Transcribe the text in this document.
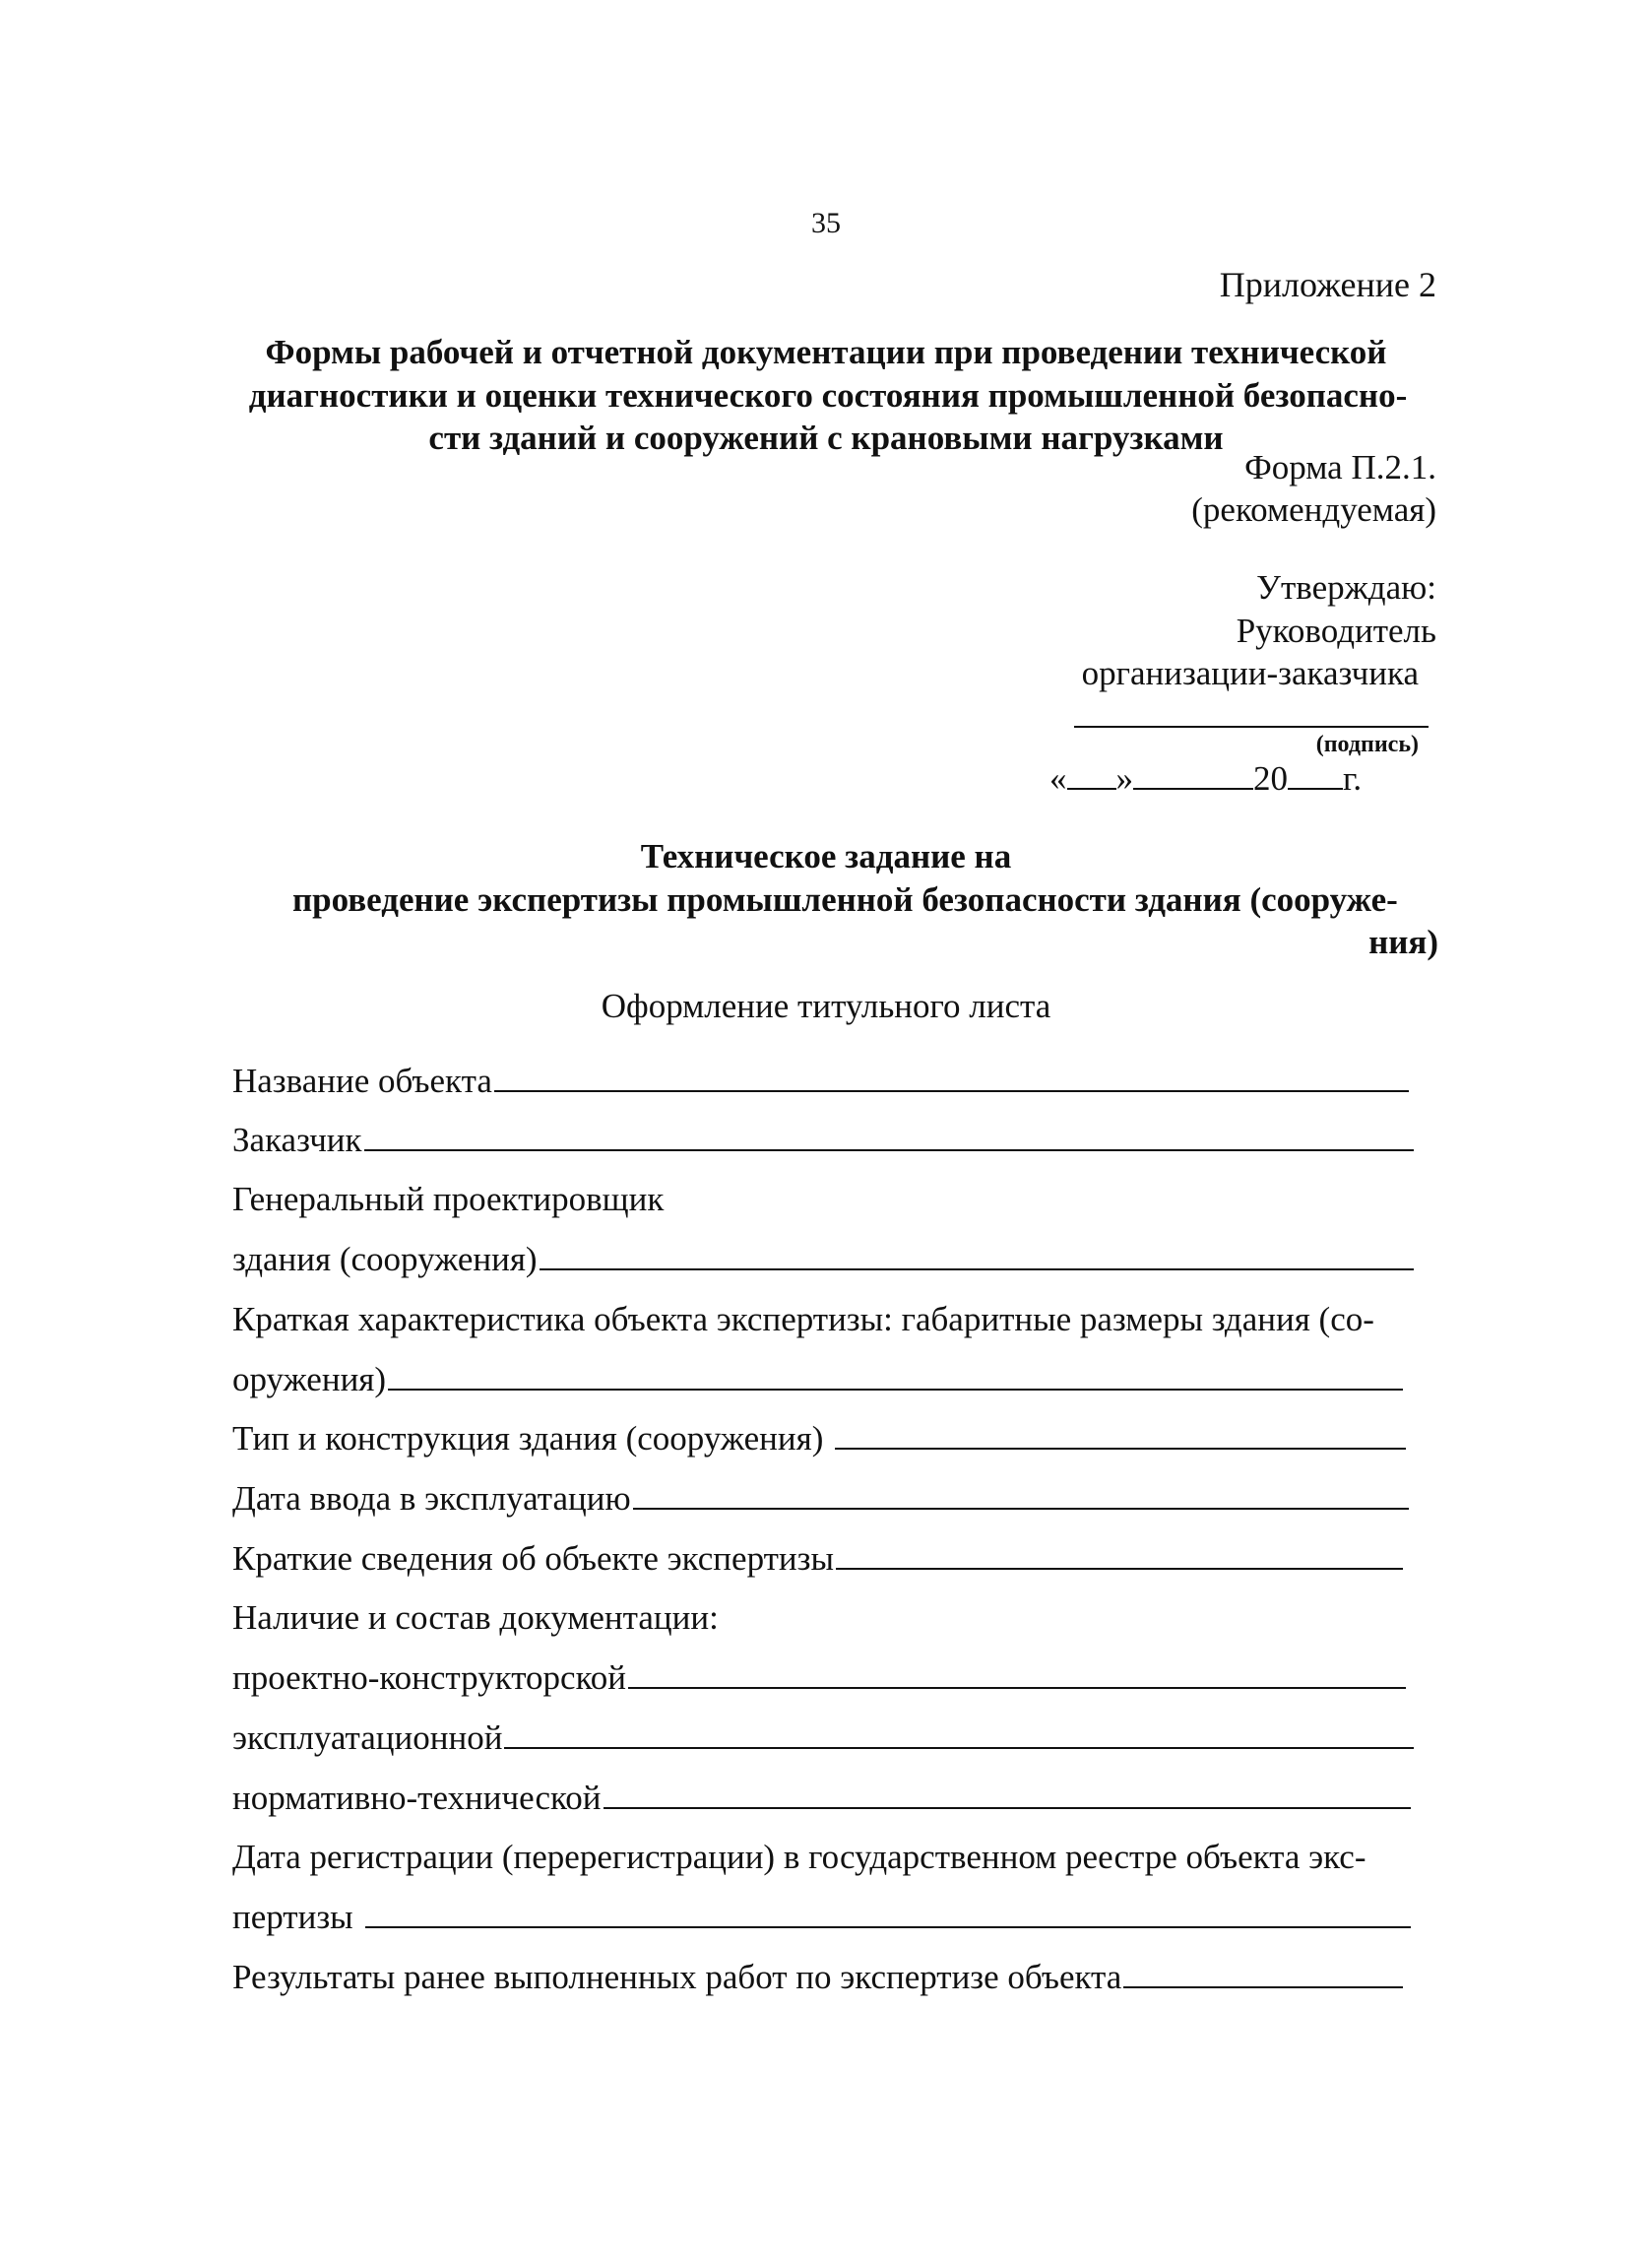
35
Приложение 2
Формы рабочей и отчетной документации при проведении технической
диагностики и оценки технического состояния промышленной безопасно-
сти зданий и сооружений с крановыми нагрузками
Форма П.2.1.
(рекомендуемая)
Утверждаю:
Руководитель
организации-заказчика
(подпись)
« »	20 г.
Техническое задание на
проведение экспертизы промышленной безопасности здания (сооруже-
ния)
Оформление титульного листа
Название объекта
Заказчик
Генеральный проектировщик
здания (сооружения)
Краткая характеристика объекта экспертизы: габаритные размеры здания (со-
оружения)
Тип и конструкция здания (сооружения)
Дата ввода в эксплуатацию
Краткие сведения об объекте экспертизы
Наличие и состав документации:
проектно-конструкторской
эксплуатационной
нормативно-технической
Дата регистрации (перерегистрации) в государственном реестре объекта экс-
пертизы
Результаты ранее выполненных работ по экспертизе объекта
